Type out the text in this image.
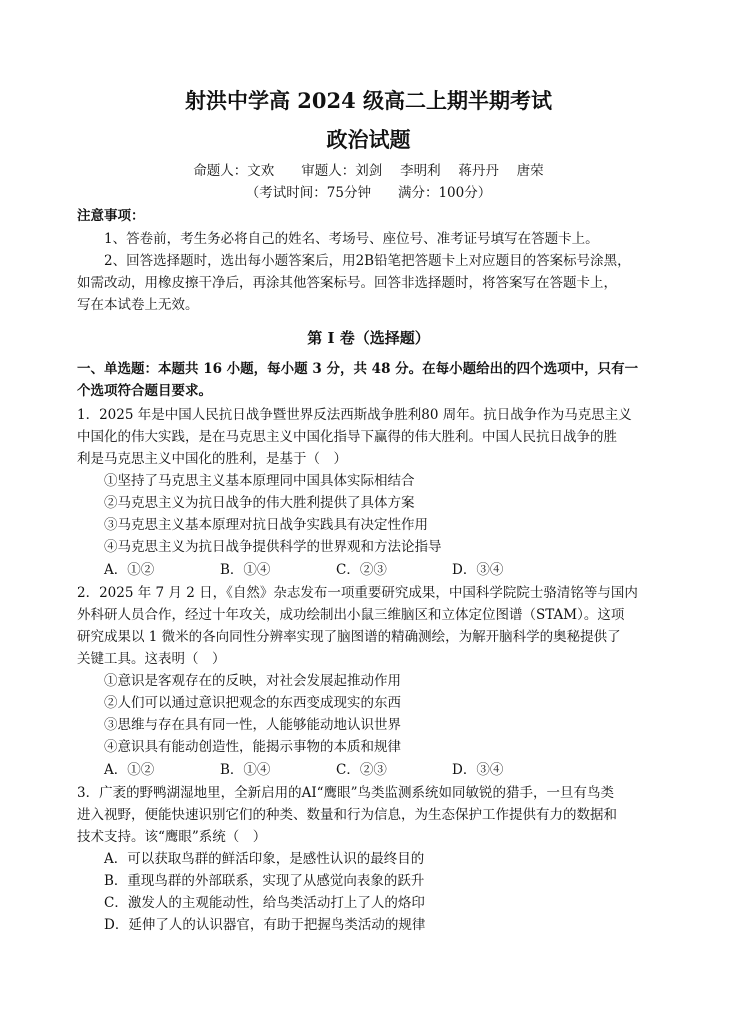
射洪中学高 2024 级高二上期半期考试
政治试题
命题人：文欢　　审题人：刘剑　 李明利　 蒋丹丹　 唐荣
（考试时间：75分钟　　满分：100分）
注意事项：
1、答卷前，考生务必将自己的姓名、考场号、座位号、准考证号填写在答题卡上。
2、回答选择题时，选出每小题答案后，用2B铅笔把答题卡上对应题目的答案标号涂黑，
如需改动，用橡皮擦干净后，再涂其他答案标号。回答非选择题时，将答案写在答题卡上，
写在本试卷上无效。
第 I 卷（选择题）
一、单选题：本题共 16 小题，每小题 3 分，共 48 分。在每小题给出的四个选项中，只有一
个选项符合题目要求。
1．2025 年是中国人民抗日战争暨世界反法西斯战争胜利80 周年。抗日战争作为马克思主义
中国化的伟大实践，是在马克思主义中国化指导下赢得的伟大胜利。中国人民抗日战争的胜
利是马克思主义中国化的胜利，是基于（　）
①坚持了马克思主义基本原理同中国具体实际相结合
②马克思主义为抗日战争的伟大胜利提供了具体方案
③马克思主义基本原理对抗日战争实践具有决定性作用
④马克思主义为抗日战争提供科学的世界观和方法论指导
A．①②	B．①④	C．②③	D．③④
2．2025 年 7 月 2 日，《自然》杂志发布一项重要研究成果，中国科学院院士骆清铭等与国内
外科研人员合作，经过十年攻关，成功绘制出小鼠三维脑区和立体定位图谱（STAM）。这项
研究成果以 1 微米的各向同性分辨率实现了脑图谱的精确测绘，为解开脑科学的奥秘提供了
关键工具。这表明（　）
①意识是客观存在的反映，对社会发展起推动作用
②人们可以通过意识把观念的东西变成现实的东西
③思维与存在具有同一性，人能够能动地认识世界
④意识具有能动创造性，能揭示事物的本质和规律
A．①②	B．①④	C．②③	D．③④
3．广袤的野鸭湖湿地里，全新启用的AI“鹰眼”鸟类监测系统如同敏锐的猎手，一旦有鸟类
进入视野，便能快速识别它们的种类、数量和行为信息，为生态保护工作提供有力的数据和
技术支持。该“鹰眼”系统（　）
A．可以获取鸟群的鲜活印象，是感性认识的最终目的
B．重现鸟群的外部联系，实现了从感觉向表象的跃升
C．激发人的主观能动性，给鸟类活动打上了人的烙印
D．延伸了人的认识器官，有助于把握鸟类活动的规律
